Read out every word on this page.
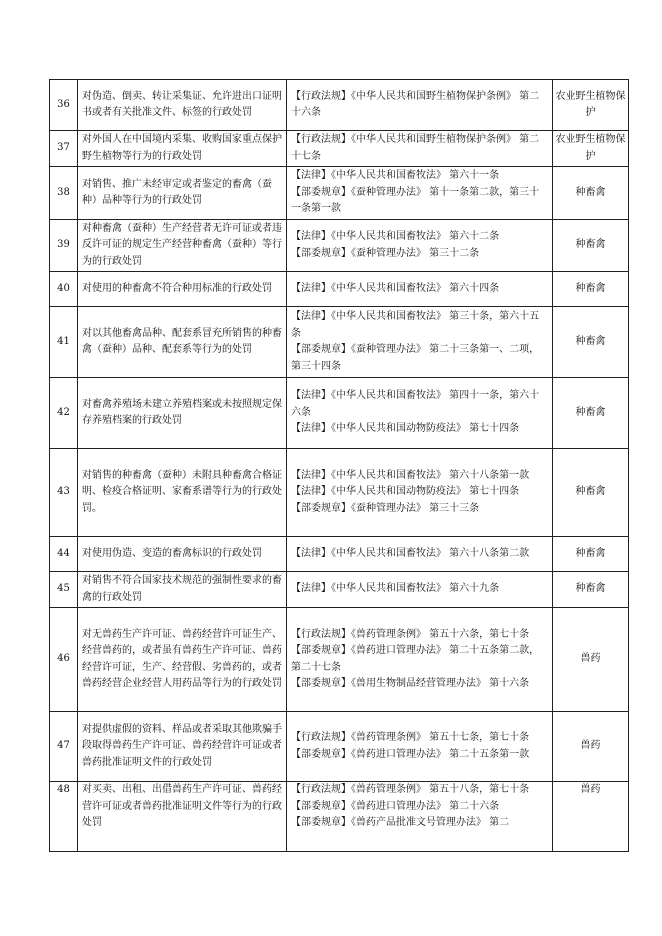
36	对伪造、倒卖、转让采集证、允许进出口证明书或者有关批准文件、标签的行政处罚	【行政法规】《中华人民共和国野生植物保护条例》 第二十六条	农业野生植物保护
37	对外国人在中国境内采集、收购国家重点保护野生植物等行为的行政处罚	【行政法规】《中华人民共和国野生植物保护条例》 第二十七条	农业野生植物保护
38	对销售、推广未经审定或者鉴定的畜禽（蚕种）品种等行为的行政处罚	【法律】《中华人民共和国畜牧法》 第六十一条
【部委规章】《蚕种管理办法》 第十一条第二款，第三十一条第一款	种畜禽
39	对种畜禽（蚕种）生产经营者无许可证或者违反许可证的规定生产经营种畜禽（蚕种）等行为的行政处罚	【法律】《中华人民共和国畜牧法》 第六十二条
【部委规章】《蚕种管理办法》 第三十二条	种畜禽
40	对使用的种畜禽不符合种用标准的行政处罚	【法律】《中华人民共和国畜牧法》 第六十四条	种畜禽
41	对以其他畜禽品种、配套系冒充所销售的种畜禽（蚕种）品种、配套系等行为的处罚	【法律】《中华人民共和国畜牧法》 第三十条，第六十五条
【部委规章】《蚕种管理办法》 第二十三条第一、二项，第三十四条	种畜禽
42	对畜禽养殖场未建立养殖档案或未按照规定保存养殖档案的行政处罚	【法律】《中华人民共和国畜牧法》 第四十一条，第六十六条
【法律】《中华人民共和国动物防疫法》 第七十四条	种畜禽
43	对销售的种畜禽（蚕种）未附具种畜禽合格证明、检疫合格证明、家畜系谱等行为的行政处罚。	【法律】《中华人民共和国畜牧法》 第六十八条第一款
【法律】《中华人民共和国动物防疫法》 第七十四条
【部委规章】《蚕种管理办法》 第三十三条	种畜禽
44	对使用伪造、变造的畜禽标识的行政处罚	【法律】《中华人民共和国畜牧法》 第六十八条第二款	种畜禽
45	对销售不符合国家技术规范的强制性要求的畜禽的行政处罚	【法律】《中华人民共和国畜牧法》 第六十九条	种畜禽
46	对无兽药生产许可证、兽药经营许可证生产、经营兽药的，或者虽有兽药生产许可证、兽药经营许可证，生产、经营假、劣兽药的，或者兽药经营企业经营人用药品等行为的行政处罚	【行政法规】《兽药管理条例》 第五十六条，第七十条
【部委规章】《兽药进口管理办法》 第二十五条第二款，第二十七条
【部委规章】《兽用生物制品经营管理办法》 第十六条	兽药
47	对提供虚假的资料、样品或者采取其他欺骗手段取得兽药生产许可证、兽药经营许可证或者兽药批准证明文件的行政处罚	【行政法规】《兽药管理条例》 第五十七条，第七十条
【部委规章】《兽药进口管理办法》 第二十五条第一款	兽药
48	对买卖、出租、出借兽药生产许可证、兽药经营许可证或者兽药批准证明文件等行为的行政处罚	【行政法规】《兽药管理条例》 第五十八条，第七十条
【部委规章】《兽药进口管理办法》 第二十六条
【部委规章】《兽药产品批准文号管理办法》 第二	兽药
